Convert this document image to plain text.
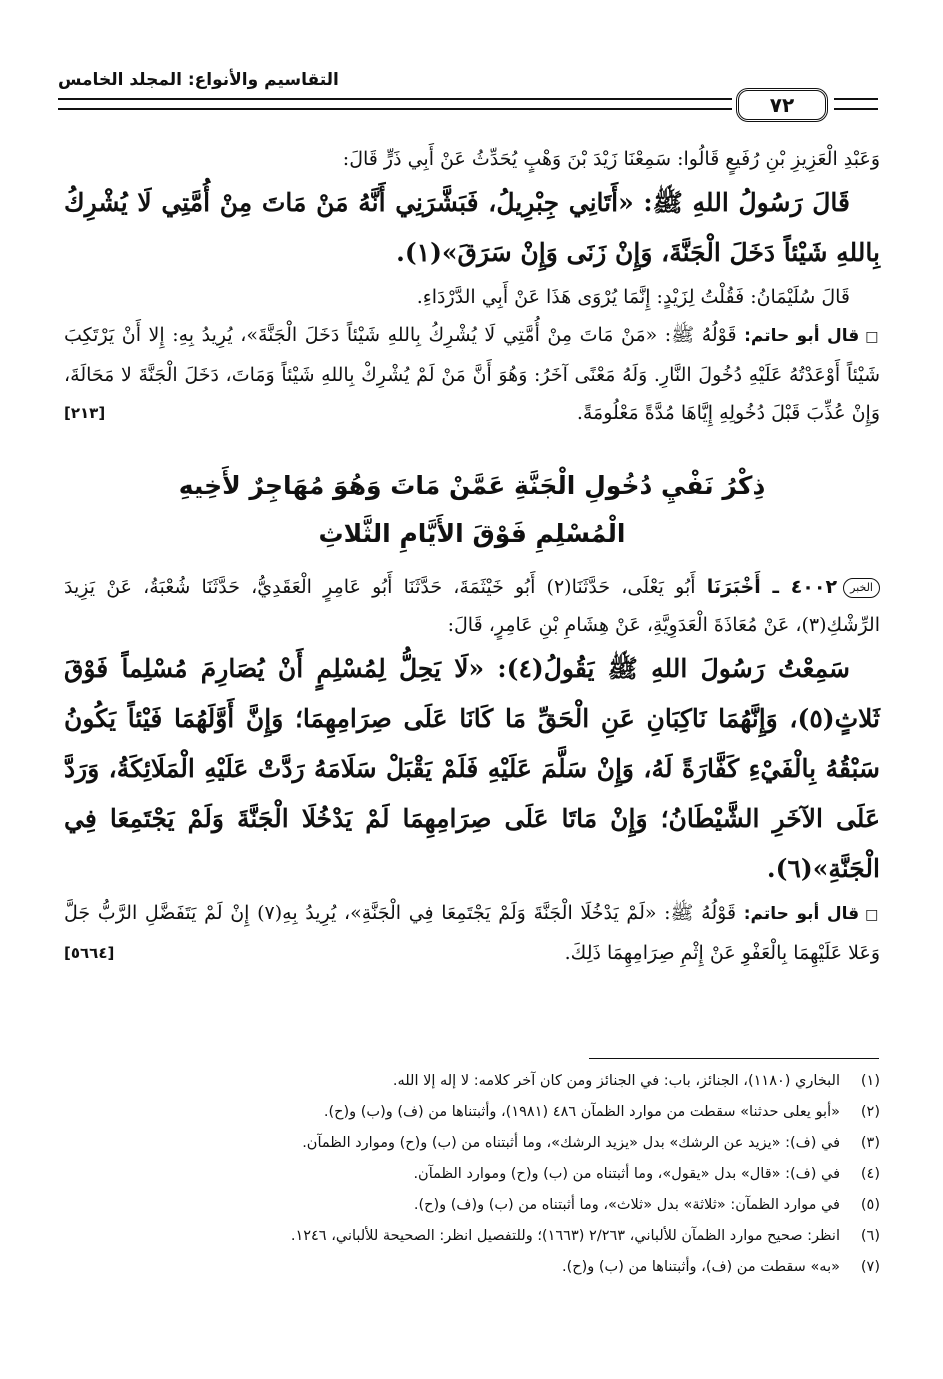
٧٢
التقاسيم والأنواع: المجلد الخامس

وَعَبْدِ الْعَزِيزِ بْنِ رُفَيعٍ قَالُوا: سَمِعْنَا زَيْدَ بْنَ وَهْبٍ يُحَدِّثُ عَنْ أَبِي ذَرٍّ قَالَ:

قَالَ رَسُولُ اللهِ ﷺ: «أَتَانِي جِبْرِيلُ، فَبَشَّرَنِي أَنَّهُ مَنْ مَاتَ مِنْ أُمَّتِي لَا يُشْرِكُ بِاللهِ شَيْئاً دَخَلَ الْجَنَّةَ، وَإِنْ زَنَى وَإِنْ سَرَقَ»(١).

قَالَ سُلَيْمَانُ: فَقُلْتُ لِزَيْدٍ: إِنَّمَا يُرْوَى هَذَا عَنْ أَبِي الدَّرْدَاءِ.

□قال أبو حاتم: قَوْلُهُ ﷺ: «مَنْ مَاتَ مِنْ أُمَّتِي لَا يُشْرِكُ بِاللهِ شَيْئاً دَخَلَ الْجَنَّةَ»، يُرِيدُ بِهِ: إِلا أَنْ يَرْتَكِبَ شَيْئاً أَوْعَدْتُهُ عَلَيْهِ دُخُولَ النَّارِ. وَلَهُ مَعْنًى آخَرُ: وَهُوَ أَنَّ مَنْ لَمْ يُشْرِكْ بِاللهِ شَيْئاً وَمَاتَ، دَخَلَ الْجَنَّةَ لا مَحَالَةَ، وَإِنْ عُذِّبَ قَبْلَ دُخُولِهِ إِيَّاهَا مُدَّةً مَعْلُومَةً.
[٢١٣]

ذِكْرُ نَفْيِ دُخُولِ الْجَنَّةِ عَمَّنْ مَاتَ وَهُوَ مُهَاجِرٌ لأَخِيهِ
الْمُسْلِمِ فَوْقَ الأَيَّامِ الثَّلاثِ

الخبر٤٠٠٢ ـ أَخْبَرَنَا أَبُو يَعْلَى، حَدَّثَنَا(٢) أَبُو خَيْثَمَةَ، حَدَّثَنَا أَبُو عَامِرٍ الْعَقَدِيُّ، حَدَّثَنَا شُعْبَةُ، عَنْ يَزِيدَ الرِّشْكِ(٣)، عَنْ مُعَاذَةَ الْعَدَوِيَّةِ، عَنْ هِشَامِ بْنِ عَامِرٍ، قَالَ:

سَمِعْتُ رَسُولَ اللهِ ﷺ يَقُولُ(٤): «لَا يَحِلُّ لِمُسْلِمٍ أَنْ يُصَارِمَ مُسْلِماً فَوْقَ ثَلاثٍ(٥)، وَإِنَّهُمَا نَاكِبَانِ عَنِ الْحَقِّ مَا كَانَا عَلَى صِرَامِهِمَا؛ وَإِنَّ أَوَّلَهُمَا فَيْئاً يَكُونُ سَبْقُهُ بِالْفَيْءِ كَفَّارَةً لَهُ، وَإِنْ سَلَّمَ عَلَيْهِ فَلَمْ يَقْبَلْ سَلَامَهُ رَدَّتْ عَلَيْهِ الْمَلَائِكَةُ، وَرَدَّ عَلَى الآخَرِ الشَّيْطَانُ؛ وَإِنْ مَاتَا عَلَى صِرَامِهِمَا لَمْ يَدْخُلَا الْجَنَّةَ وَلَمْ يَجْتَمِعَا فِي الْجَنَّةِ»(٦).

□قال أبو حاتم: قَوْلُهُ ﷺ: «لَمْ يَدْخُلَا الْجَنَّةَ وَلَمْ يَجْتَمِعَا فِي الْجَنَّةِ»، يُرِيدُ بِهِ(٧) إِنْ لَمْ يَتَفَضَّلِ الرَّبُّ جَلَّ وَعَلا عَلَيْهِمَا بِالْعَفْوِ عَنْ إِثْمِ صِرَامِهِمَا ذَلِكَ.
[٥٦٦٤]

(١)
البخاري (١١٨٠)، الجنائز، باب: في الجنائز ومن كان آخر كلامه: لا إله إلا الله.
(٢)
«أبو يعلى حدثنا» سقطت من موارد الظمآن ٤٨٦ (١٩٨١)، وأثبتناها من (ف) و(ب) و(ح).
(٣)
في (ف): «يزيد عن الرشك» بدل «يزيد الرشك»، وما أثبتناه من (ب) و(ح) وموارد الظمآن.
(٤)
في (ف): «قال» بدل «يقول»، وما أثبتناه من (ب) و(ح) وموارد الظمآن.
(٥)
في موارد الظمآن: «ثلاثة» بدل «ثلاث»، وما أثبتناه من (ب) و(ف) و(ح).
(٦)
انظر: صحيح موارد الظمآن للألباني، ٢/٢٦٣ (١٦٦٣)؛ وللتفصيل انظر: الصحيحة للألباني، ١٢٤٦.
(٧)
«به» سقطت من (ف)، وأثبتناها من (ب) و(ح).
